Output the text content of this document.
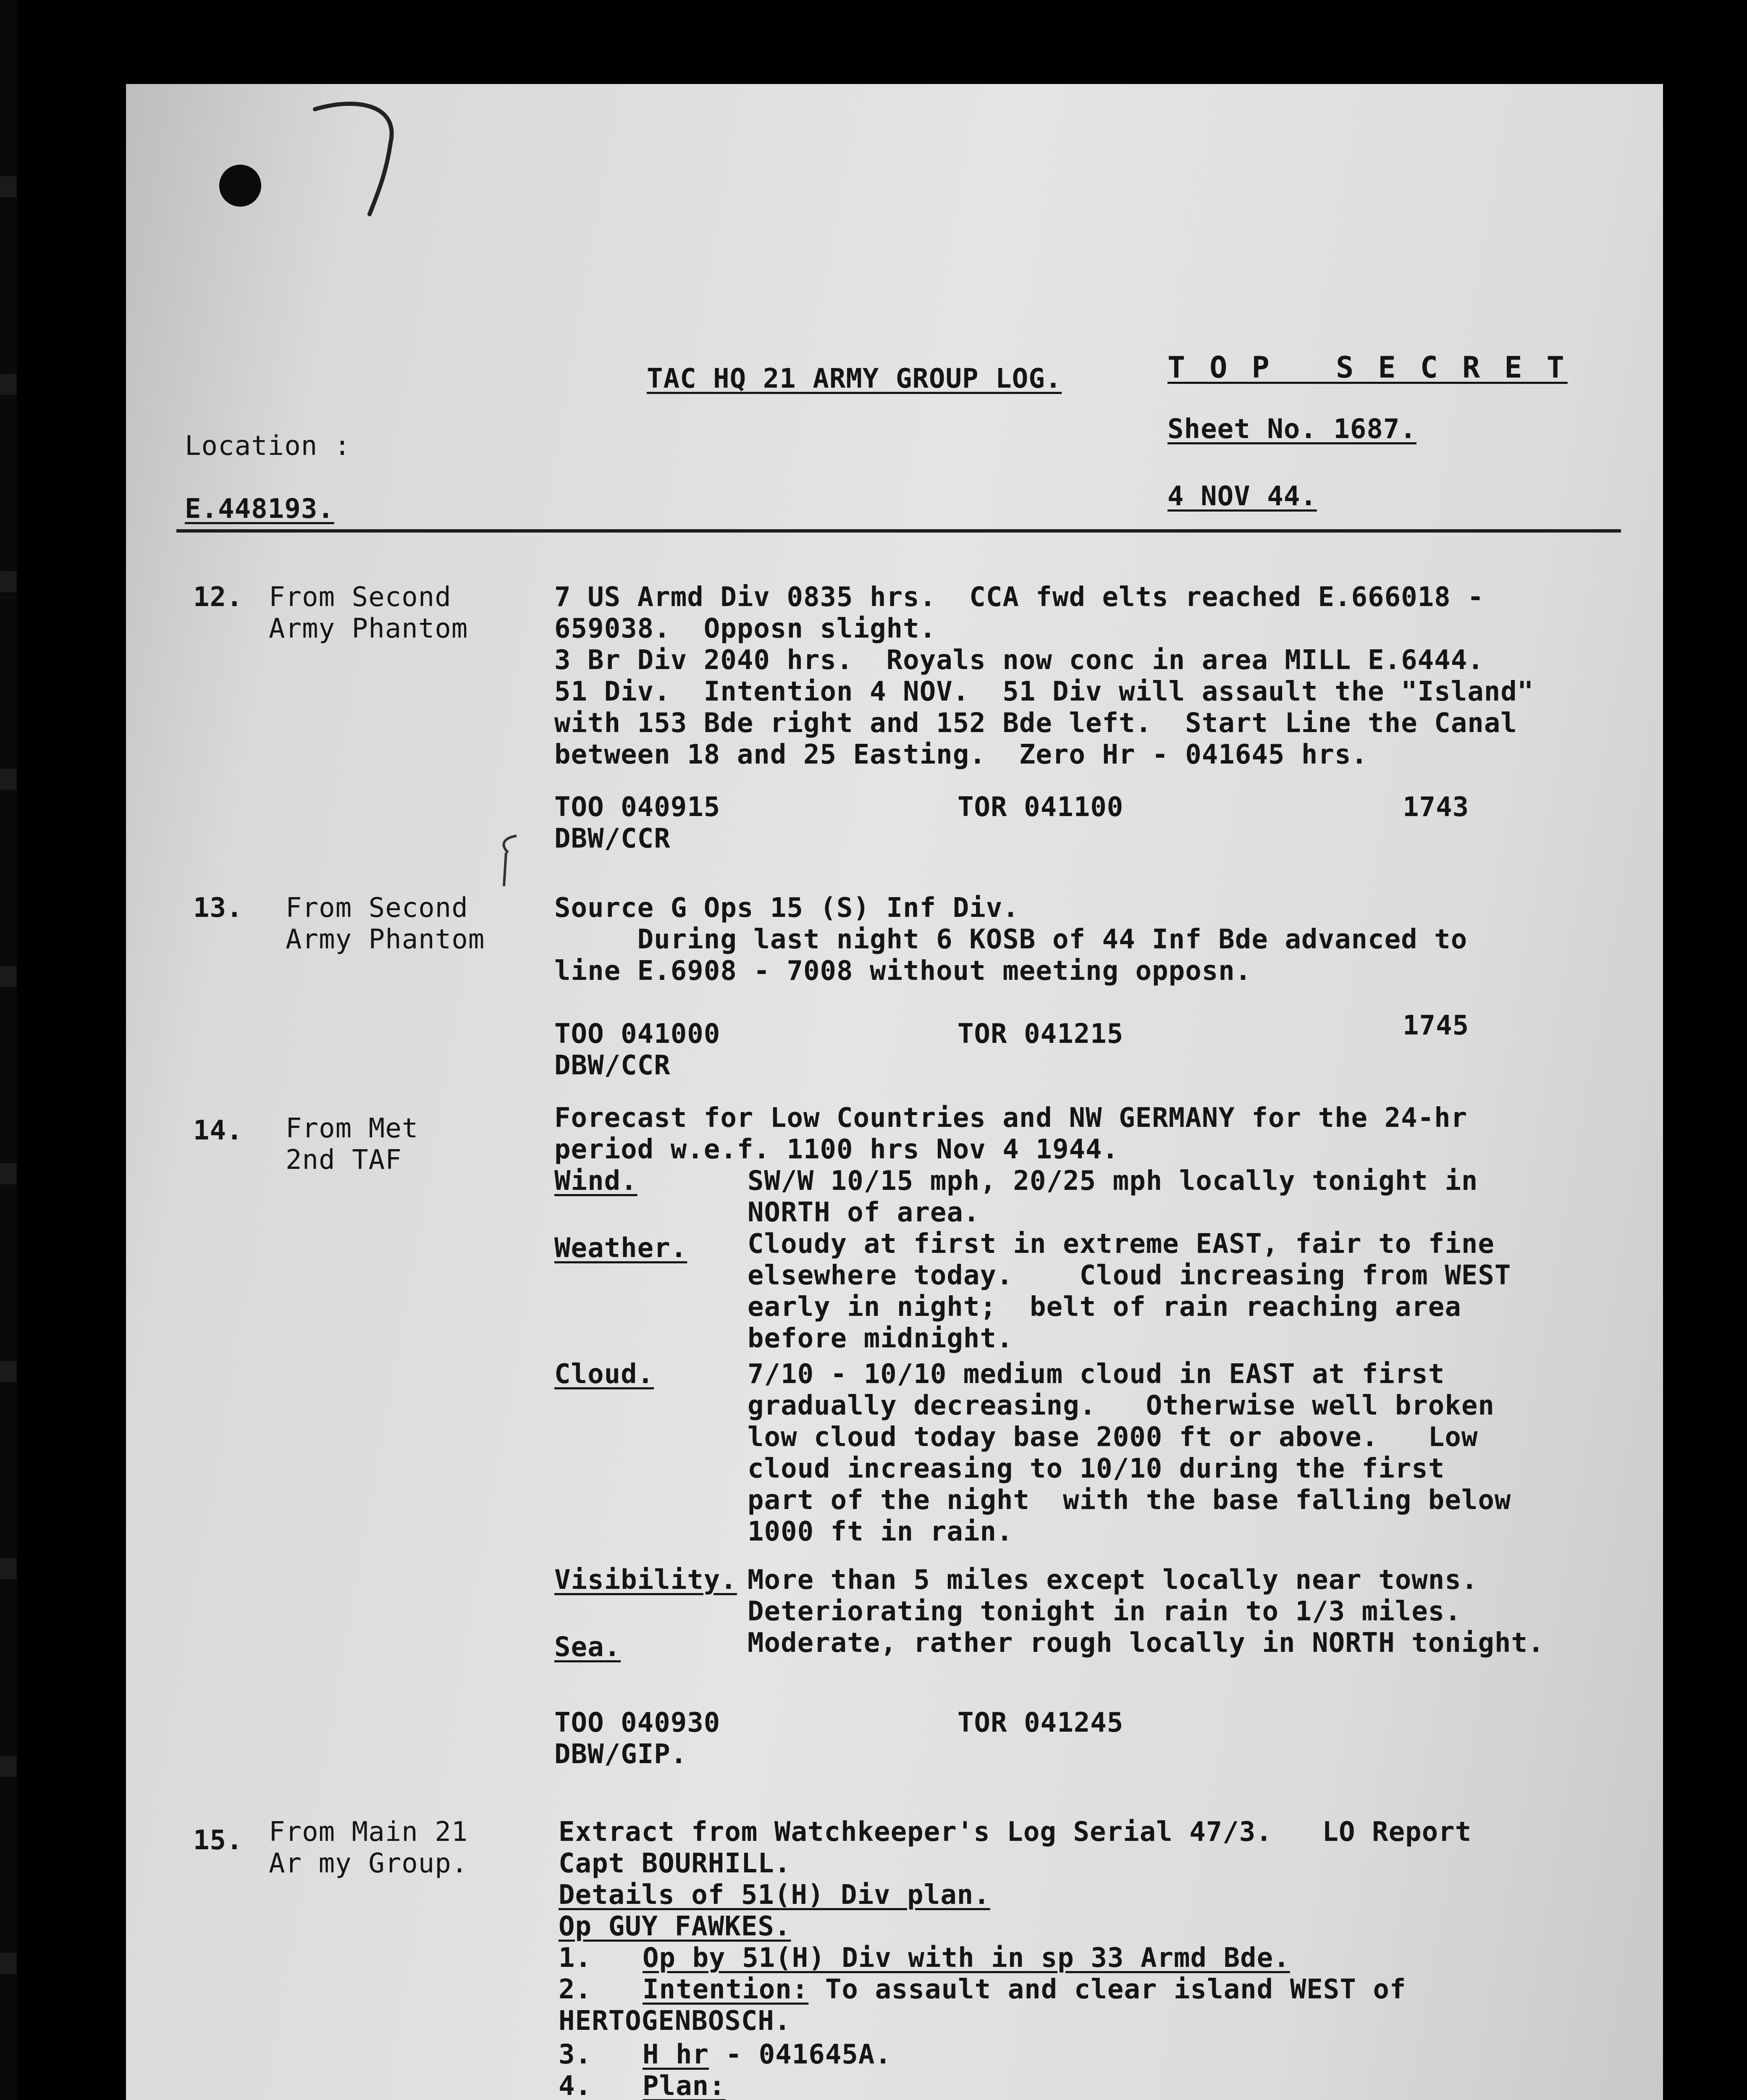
TAC HQ 21 ARMY GROUP LOG.	T O P   S E C R E T
Sheet No. 1687.
Location :
E.448193.	4 NOV 44.
12. From Second
Army Phantom
7 US Armd Div 0835 hrs.  CCA fwd elts reached E.666018 -
659038.  Opposn slight.
3 Br Div 2040 hrs.  Royals now conc in area MILL E.6444.
51 Div.  Intention 4 NOV.  51 Div will assault the "Island"
with 153 Bde right and 152 Bde left.  Start Line the Canal
between 18 and 25 Easting.  Zero Hr - 041645 hrs.
TOO 040915	TOR 041100	1743
DBW/CCR
13. From Second
Army Phantom
Source G Ops 15 (S) Inf Div.
During last night 6 KOSB of 44 Inf Bde advanced to
line E.6908 - 7008 without meeting opposn.
TOO 041000	TOR 041215	1745
DBW/CCR
14. From Met
2nd TAF
Forecast for Low Countries and NW GERMANY for the 24-hr
period w.e.f. 1100 hrs Nov 4 1944.
Wind.	SW/W 10/15 mph, 20/25 mph locally tonight in
NORTH of area.
Weather. Cloudy at first in extreme EAST, fair to fine
elsewhere today.    Cloud increasing from WEST
early in night;  belt of rain reaching area
before midnight.
Cloud.	7/10 - 10/10 medium cloud in EAST at first
gradually decreasing.   Otherwise well broken
low cloud today base 2000 ft or above.   Low
cloud increasing to 10/10 during the first
part of the night  with the base falling below
1000 ft in rain.
Visibility. More than 5 miles except locally near towns.
Deteriorating tonight in rain to 1/3 miles.
Sea.	Moderate, rather rough locally in NORTH tonight.
TOO 040930	TOR 041245
DBW/GIP.
15. From Main 21
Ar my Group.
Extract from Watchkeeper's Log Serial 47/3.   LO Report
Capt BOURHILL.
Details of 51(H) Div plan.
Op GUY FAWKES.
1. Op by 51(H) Div with in sp 33 Armd Bde.
2. Intention: To assault and clear island WEST of
HERTOGENBOSCH.
3. H hr - 041645A.
4. Plan:
